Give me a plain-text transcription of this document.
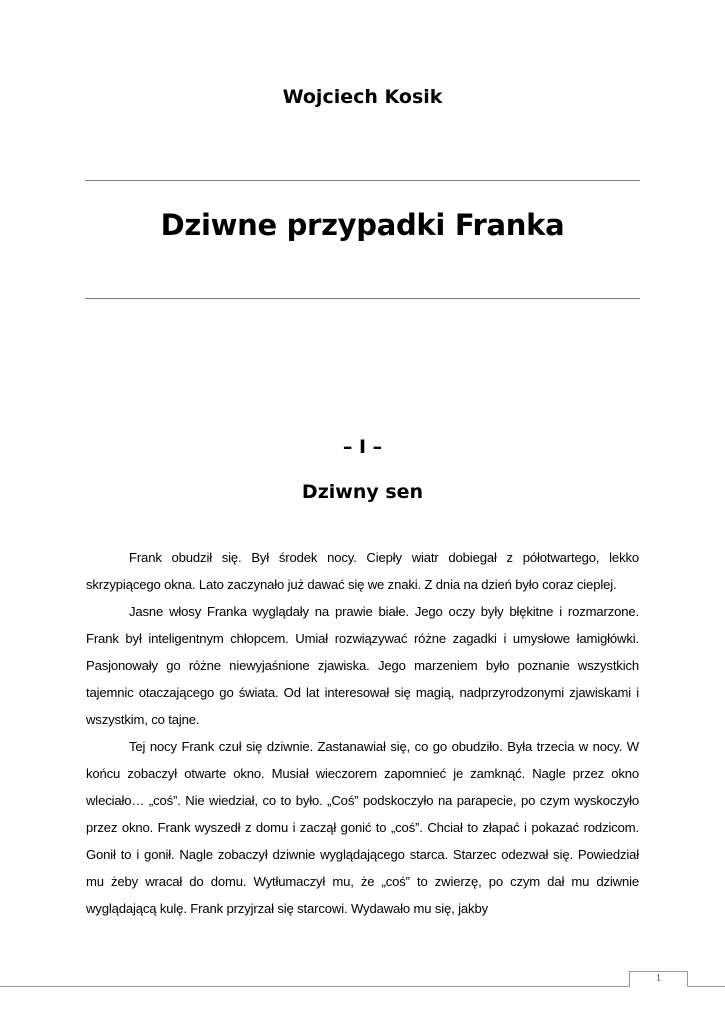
Wojciech Kosik
Dziwne przypadki Franka
– I –
Dziwny sen

Frank obudził się. Był środek nocy. Ciepły wiatr dobiegał z półotwartego, lekko skrzypiącego okna. Lato zaczynało już dawać się we znaki. Z dnia na dzień było coraz cieplej.

Jasne włosy Franka wyglądały na prawie białe. Jego oczy były błękitne i rozmarzone. Frank był inteligentnym chłopcem. Umiał rozwiązywać różne zagadki i umysłowe łamigłówki. Pasjonowały go różne niewyjaśnione zjawiska. Jego marzeniem było poznanie wszystkich tajemnic otaczającego go świata. Od lat interesował się magią, nadprzyrodzonymi zjawiskami i wszystkim, co tajne.

Tej nocy Frank czuł się dziwnie. Zastanawiał się, co go obudziło. Była trzecia w nocy. W końcu zobaczył otwarte okno. Musiał wieczorem zapomnieć je zamknąć. Nagle przez okno wleciało… „coś”. Nie wiedział, co to było. „Coś” podskoczyło na parapecie, po czym wyskoczyło przez okno. Frank wyszedł z domu i zaczął gonić to „coś”. Chciał to złapać i pokazać rodzicom. Gonił to i gonił. Nagle zobaczył dziwnie wyglądającego starca. Starzec odezwał się. Powiedział mu żeby wracał do domu. Wytłumaczył mu, że „coś” to zwierzę, po czym dał mu dziwnie wyglądającą kulę. Frank przyjrzał się starcowi. Wydawało mu się, jakby

1
